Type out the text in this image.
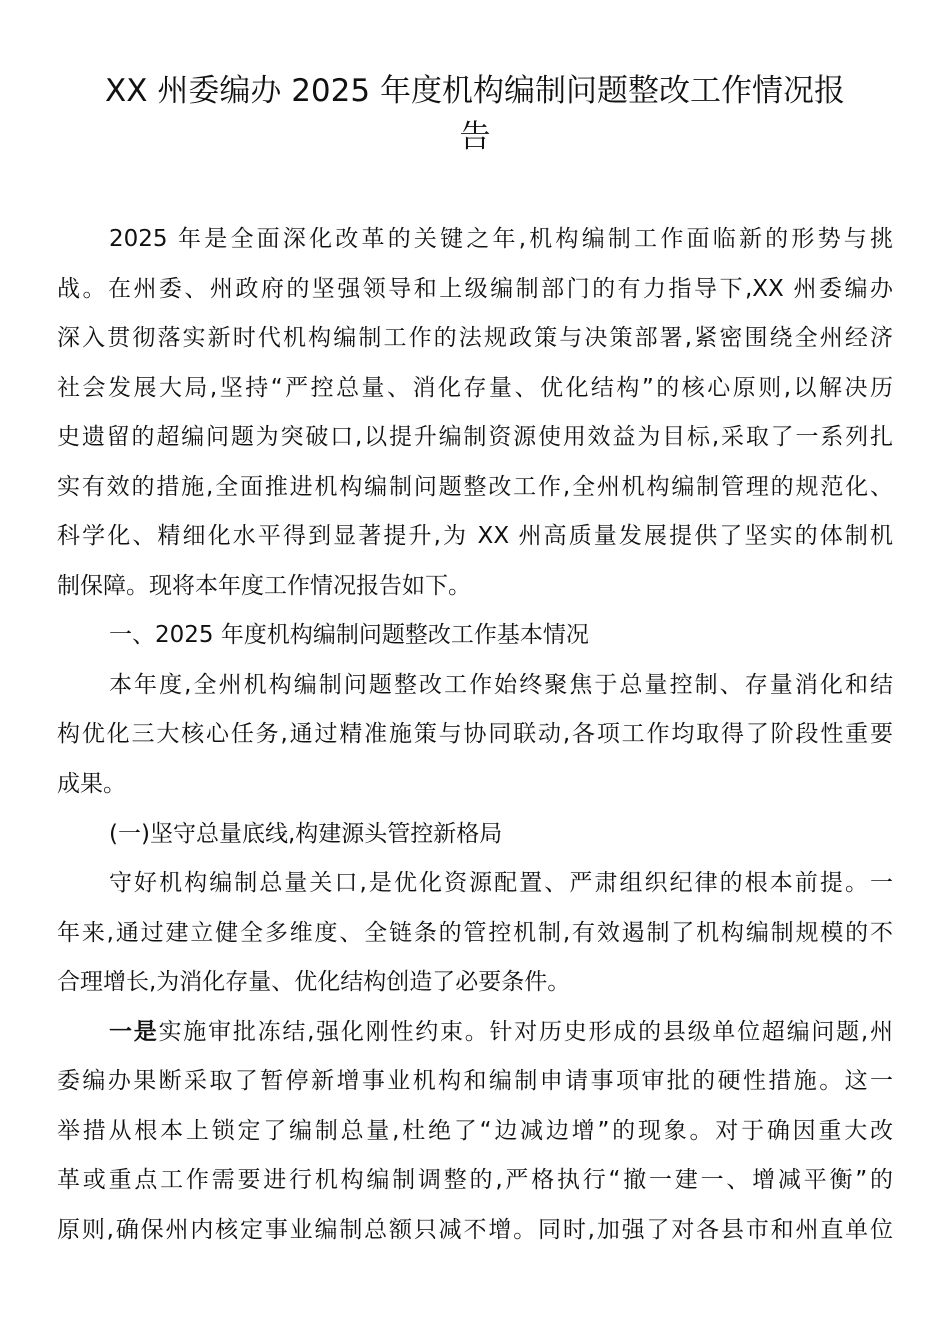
XX 州委编办 2025 年度机构编制问题整改工作情况报
告
2025 年是全面深化改革的关键之年,机构编制工作面临新的形势与挑
战。在州委、州政府的坚强领导和上级编制部门的有力指导下,XX 州委编办
深入贯彻落实新时代机构编制工作的法规政策与决策部署,紧密围绕全州经济
社会发展大局,坚持“严控总量、消化存量、优化结构”的核心原则,以解决历
史遗留的超编问题为突破口,以提升编制资源使用效益为目标,采取了一系列扎
实有效的措施,全面推进机构编制问题整改工作,全州机构编制管理的规范化、
科学化、精细化水平得到显著提升,为 XX 州高质量发展提供了坚实的体制机
制保障。现将本年度工作情况报告如下。
一、2025 年度机构编制问题整改工作基本情况
本年度,全州机构编制问题整改工作始终聚焦于总量控制、存量消化和结
构优化三大核心任务,通过精准施策与协同联动,各项工作均取得了阶段性重要
成果。
(一)坚守总量底线,构建源头管控新格局
守好机构编制总量关口,是优化资源配置、严肃组织纪律的根本前提。一
年来,通过建立健全多维度、全链条的管控机制,有效遏制了机构编制规模的不
合理增长,为消化存量、优化结构创造了必要条件。
一是实施审批冻结,强化刚性约束。针对历史形成的县级单位超编问题,州
委编办果断采取了暂停新增事业机构和编制申请事项审批的硬性措施。这一
举措从根本上锁定了编制总量,杜绝了“边减边增”的现象。对于确因重大改
革或重点工作需要进行机构编制调整的,严格执行“撤一建一、增减平衡”的
原则,确保州内核定事业编制总额只减不增。同时,加强了对各县市和州直单位
